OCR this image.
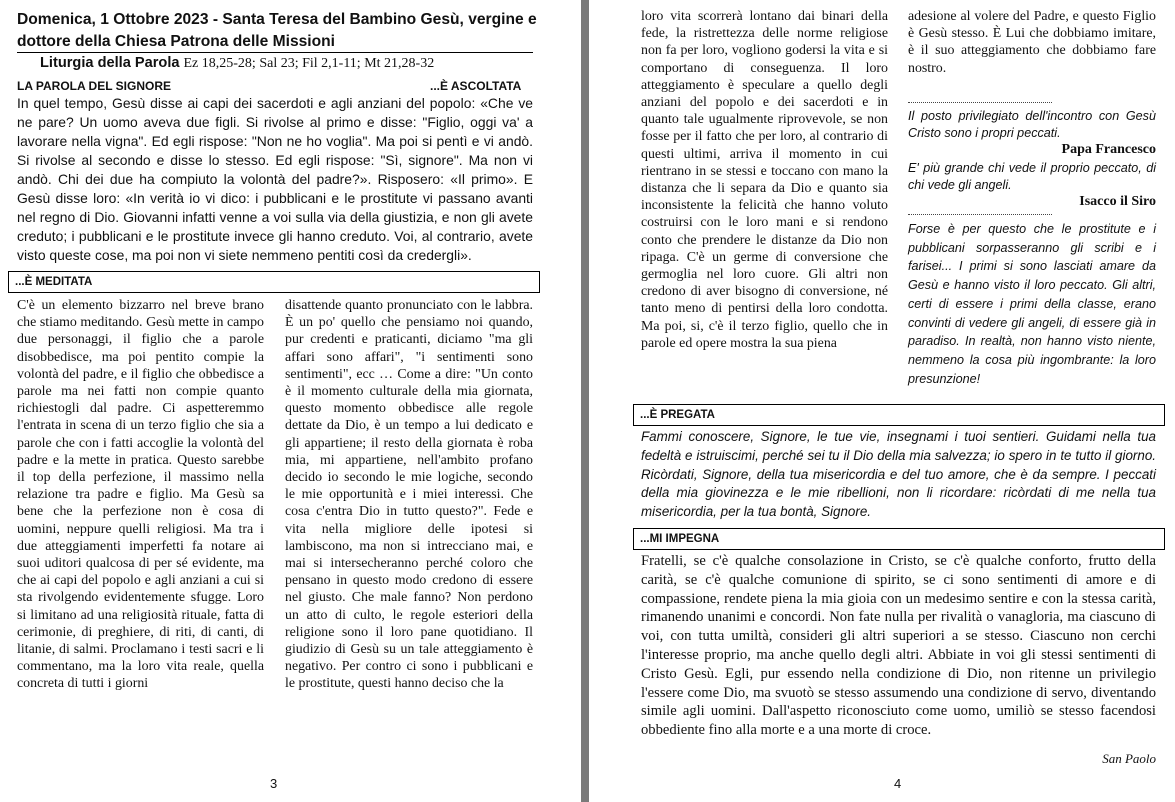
Domenica, 1 Ottobre 2023 - Santa Teresa del Bambino Gesù, vergine e dottore della Chiesa Patrona delle Missioni
Liturgia della Parola Ez 18,25-28; Sal 23; Fil 2,1-11; Mt 21,28-32
LA PAROLA DEL SIGNORE	...È ASCOLTATA
In quel tempo, Gesù disse ai capi dei sacerdoti e agli anziani del popolo: «Che ve ne pare? Un uomo aveva due figli. Si rivolse al primo e disse: "Figlio, oggi va' a lavorare nella vigna". Ed egli rispose: "Non ne ho voglia". Ma poi si pentì e vi andò. Si rivolse al secondo e disse lo stesso. Ed egli rispose: "Sì, signore". Ma non vi andò. Chi dei due ha compiuto la volontà del padre?». Risposero: «Il primo». E Gesù disse loro: «In verità io vi dico: i pubblicani e le prostitute vi passano avanti nel regno di Dio. Giovanni infatti venne a voi sulla via della giustizia, e non gli avete creduto; i pubblicani e le prostitute invece gli hanno creduto. Voi, al contrario, avete visto queste cose, ma poi non vi siete nemmeno pentiti così da credergli».
...È MEDITATA
C'è un elemento bizzarro nel breve brano che stiamo meditando. Gesù mette in campo due personaggi, il figlio che a parole disobbedisce, ma poi pentito compie la volontà del padre, e il figlio che obbedisce a parole ma nei fatti non compie quanto richiestogli dal padre. Ci aspetteremmo l'entrata in scena di un terzo figlio che sia a parole che con i fatti accoglie la volontà del padre e la mette in pratica. Questo sarebbe il top della perfezione, il massimo nella relazione tra padre e figlio. Ma Gesù sa bene che la perfezione non è cosa di uomini, neppure quelli religiosi. Ma tra i due atteggiamenti imperfetti fa notare ai suoi uditori qualcosa di per sé evidente, ma che ai capi del popolo e agli anziani a cui si sta rivolgendo evidentemente sfugge. Loro si limitano ad una religiosità rituale, fatta di cerimonie, di preghiere, di riti, di canti, di litanie, di salmi. Proclamano i testi sacri e li commentano, ma la loro vita reale, quella concreta di tutti i giorni
disattende quanto pronunciato con le labbra. È un po' quello che pensiamo noi quando, pur credenti e praticanti, diciamo "ma gli affari sono affari", "i sentimenti sono sentimenti", ecc … Come a dire: "Un conto è il momento culturale della mia giornata, questo momento obbedisce alle regole dettate da Dio, è un tempo a lui dedicato e gli appartiene; il resto della giornata è roba mia, mi appartiene, nell'ambito profano decido io secondo le mie logiche, secondo le mie opportunità e i miei interessi. Che cosa c'entra Dio in tutto questo?". Fede e vita nella migliore delle ipotesi si lambiscono, ma non si intrecciano mai, e mai si intersecheranno perché coloro che pensano in questo modo credono di essere nel giusto. Che male fanno? Non perdono un atto di culto, le regole esteriori della religione sono il loro pane quotidiano. Il giudizio di Gesù su un tale atteggiamento è negativo. Per contro ci sono i pubblicani e le prostitute, questi hanno deciso che la
3
loro vita scorrerà lontano dai binari della fede, la ristrettezza delle norme religiose non fa per loro, vogliono godersi la vita e si comportano di conseguenza. Il loro atteggiamento è speculare a quello degli anziani del popolo e dei sacerdoti e in quanto tale ugualmente riprovevole, se non fosse per il fatto che per loro, al contrario di questi ultimi, arriva il momento in cui rientrano in se stessi e toccano con mano la distanza che li separa da Dio e quanto sia inconsistente la felicità che hanno voluto costruirsi con le loro mani e si rendono conto che prendere le distanze da Dio non ripaga. C'è un germe di conversione che germoglia nel loro cuore. Gli altri non credono di aver bisogno di conversione, né tanto meno di pentirsi della loro condotta. Ma poi, si, c'è il terzo figlio, quello che in parole ed opere mostra la sua piena
adesione al volere del Padre, e questo Figlio è Gesù stesso. È Lui che dobbiamo imitare, è il suo atteggiamento che dobbiamo fare nostro.
Il posto privilegiato dell'incontro con Gesù Cristo sono i propri peccati.
Papa Francesco
E' più grande chi vede il proprio peccato, di chi vede gli angeli.
Isacco il Siro
Forse è per questo che le prostitute e i pubblicani sorpasseranno gli scribi e i farisei... I primi si sono lasciati amare da Gesù e hanno visto il loro peccato. Gli altri, certi di essere i primi della classe, erano convinti di vedere gli angeli, di essere già in paradiso. In realtà, non hanno visto niente, nemmeno la cosa più ingombrante: la loro presunzione!
...È PREGATA
Fammi conoscere, Signore, le tue vie, insegnami i tuoi sentieri. Guidami nella tua fedeltà e istruiscimi, perché sei tu il Dio della mia salvezza; io spero in te tutto il giorno. Ricòrdati, Signore, della tua misericordia e del tuo amore, che è da sempre. I peccati della mia giovinezza e le mie ribellioni, non li ricordare: ricòrdati di me nella tua misericordia, per la tua bontà, Signore.
...MI IMPEGNA
Fratelli, se c'è qualche consolazione in Cristo, se c'è qualche conforto, frutto della carità, se c'è qualche comunione di spirito, se ci sono sentimenti di amore e di compassione, rendete piena la mia gioia con un medesimo sentire e con la stessa carità, rimanendo unanimi e concordi. Non fate nulla per rivalità o vanagloria, ma ciascuno di voi, con tutta umiltà, consideri gli altri superiori a se stesso. Ciascuno non cerchi l'interesse proprio, ma anche quello degli altri. Abbiate in voi gli stessi sentimenti di Cristo Gesù. Egli, pur essendo nella condizione di Dio, non ritenne un privilegio l'essere come Dio, ma svuotò se stesso assumendo una condizione di servo, diventando simile agli uomini. Dall'aspetto riconosciuto come uomo, umiliò se stesso facendosi obbediente fino alla morte e a una morte di croce.
San Paolo
4
